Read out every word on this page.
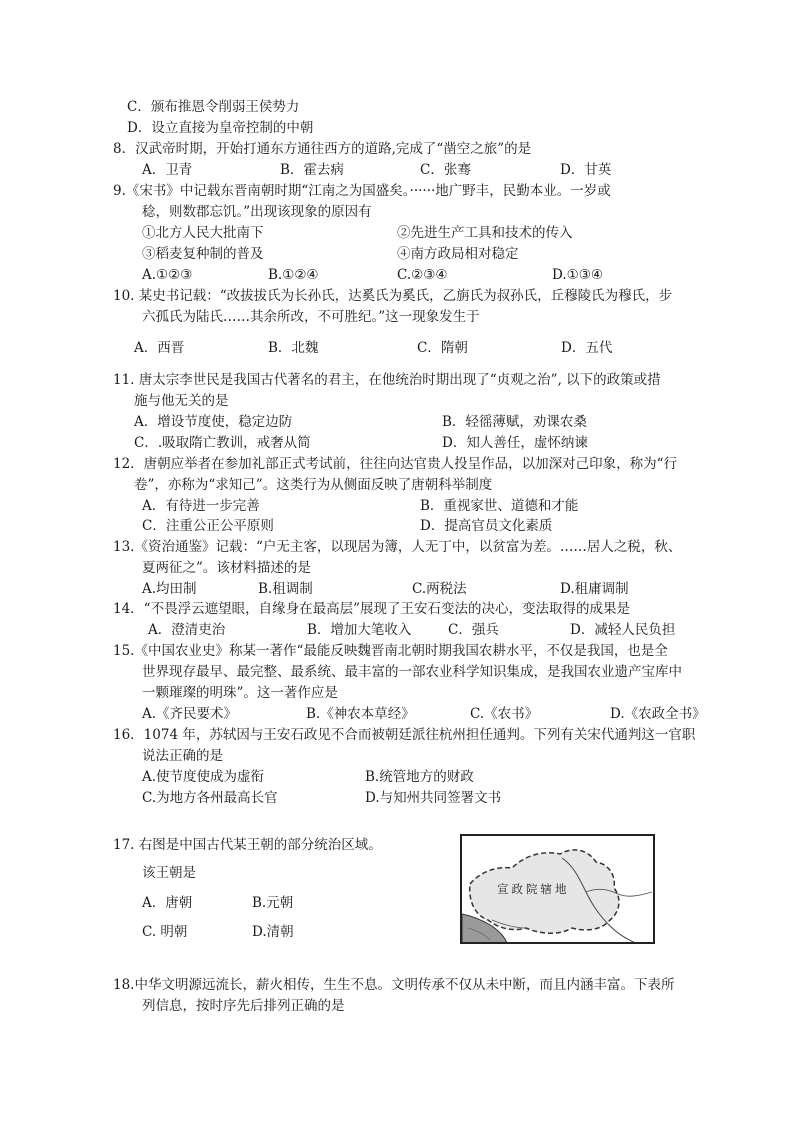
C．颁布推恩令削弱王侯势力
D．设立直接为皇帝控制的中朝
8．汉武帝时期，开始打通东方通往西方的道路,完成了“凿空之旅”的是
A．卫青	B．霍去病	C．张骞	D．甘英
9.《宋书》中记载东晋南朝时期“江南之为国盛矣。······地广野丰，民勤本业。一岁或
稔，则数郡忘饥。”出现该现象的原因有
①北方人民大批南下	②先进生产工具和技术的传入
③稻麦复种制的普及	④南方政局相对稳定
A.①②③	B.①②④	C.②③④	D.①③④
10. 某史书记载：“改拔拔氏为长孙氏，达奚氏为奚氏，乙旃氏为叔孙氏，丘穆陵氏为穆氏，步
六孤氏为陆氏……其余所改，不可胜纪。”这一现象发生于
A．西晋	B．北魏	C．隋朝	D．五代
11. 唐太宗李世民是我国古代著名的君主，在他统治时期出现了“贞观之治”, 以下的政策或措
施与他无关的是
A．增设节度使，稳定边防	B．轻徭薄赋，劝课农桑
C．.吸取隋亡教训，戒奢从简	D．知人善任，虚怀纳谏
12．唐朝应举者在参加礼部正式考试前，往往向达官贵人投呈作品，以加深对己印象，称为“行
卷”，亦称为“求知己”。这类行为从侧面反映了唐朝科举制度
A．有待进一步完善	B．重视家世、道德和才能
C．注重公正公平原则	D．提高官员文化素质
13.《资治通鉴》记载：“户无主客，以现居为簿，人无丁中，以贫富为差。……居人之税，秋、
夏两征之”。该材料描述的是
A.均田制	B.租调制	C.两税法	D.租庸调制
14．“不畏浮云遮望眼，自缘身在最高层”展现了王安石变法的决心，变法取得的成果是
A．澄清吏治	B．增加大笔收入	C．强兵	D．减轻人民负担
15.《中国农业史》称某一著作“最能反映魏晋南北朝时期我国农耕水平，不仅是我国，也是全
世界现存最早、最完整、最系统、最丰富的一部农业科学知识集成，是我国农业遗产宝库中
一颗璀璨的明珠”。这一著作应是
A.《齐民要术》	B.《神农本草经》	C.《农书》	D.《农政全书》
16．1074 年，苏轼因与王安石政见不合而被朝廷派往杭州担任通判。下列有关宋代通判这一官职
说法正确的是
A.使节度使成为虚衔	B.统管地方的财政
C.为地方各州最高长官	D.与知州共同签署文书
17. 右图是中国古代某王朝的部分统治区域。
该王朝是
A．唐朝	B.元朝
C. 明朝	D.清朝
宣政院辖地
18.中华文明源远流长，薪火相传，生生不息。文明传承不仅从未中断，而且内涵丰富。下表所
列信息，按时序先后排列正确的是
